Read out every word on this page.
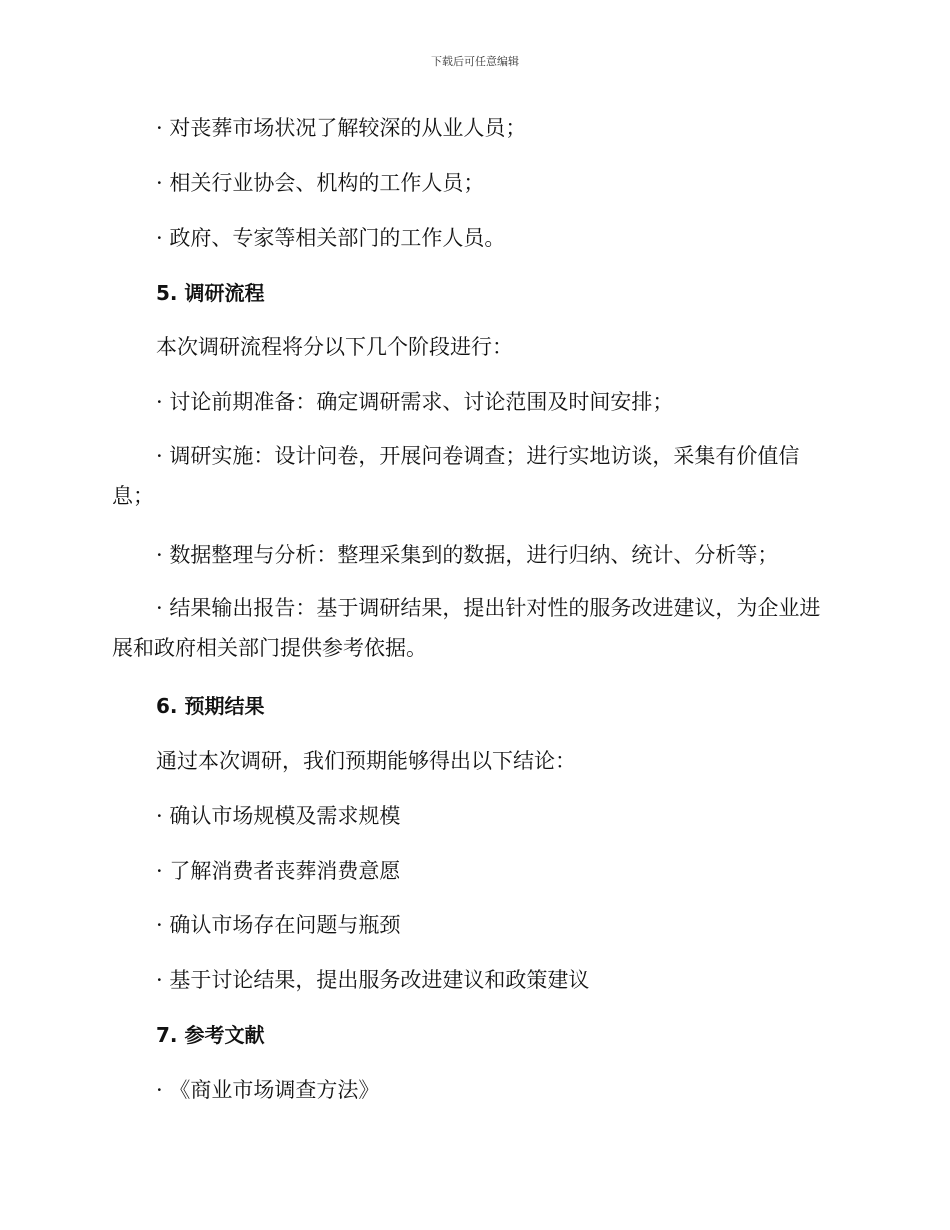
下载后可任意编辑
· 对丧葬市场状况了解较深的从业人员；
· 相关行业协会、机构的工作人员；
· 政府、专家等相关部门的工作人员。
5. 调研流程
本次调研流程将分以下几个阶段进行：
· 讨论前期准备：确定调研需求、讨论范围及时间安排；
· 调研实施：设计问卷，开展问卷调查；进行实地访谈，采集有价值信息；
· 数据整理与分析：整理采集到的数据，进行归纳、统计、分析等；
· 结果输出报告：基于调研结果，提出针对性的服务改进建议，为企业进展和政府相关部门提供参考依据。
6. 预期结果
通过本次调研，我们预期能够得出以下结论：
· 确认市场规模及需求规模
· 了解消费者丧葬消费意愿
· 确认市场存在问题与瓶颈
· 基于讨论结果，提出服务改进建议和政策建议
7. 参考文献
· 《商业市场调查方法》
